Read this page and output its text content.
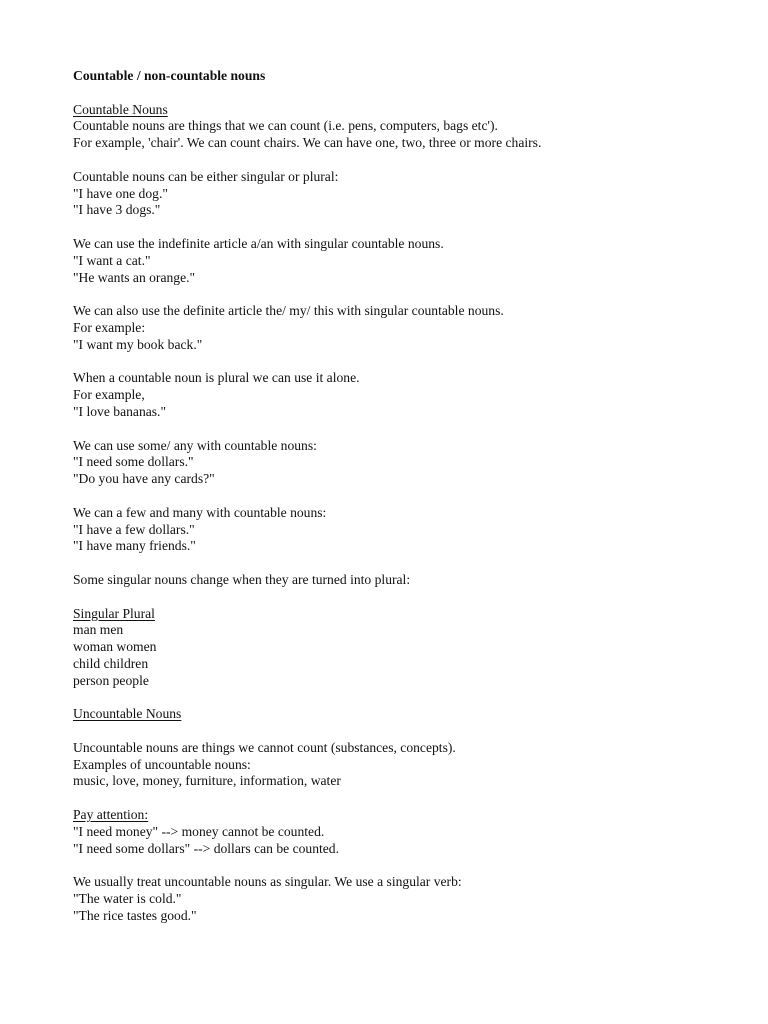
Countable / non-countable nouns
Countable Nouns
Countable nouns are things that we can count (i.e. pens, computers, bags etc').
For example, 'chair'. We can count chairs. We can have one, two, three or more chairs.
Countable nouns can be either singular or plural:
"I have one dog."
"I have 3 dogs."
We can use the indefinite article a/an with singular countable nouns.
"I want a cat."
"He wants an orange."
We can also use the definite article the/ my/ this with singular countable nouns.
For example:
"I want my book back."
When a countable noun is plural we can use it alone.
For example,
"I love bananas."
We can use some/ any with countable nouns:
"I need some dollars."
"Do you have any cards?"
We can a few and many with countable nouns:
"I have a few dollars."
"I have many friends."
Some singular nouns change when they are turned into plural:
Singular Plural
man men
woman women
child children
person people
Uncountable Nouns
Uncountable nouns are things we cannot count (substances, concepts).
Examples of uncountable nouns:
music, love, money, furniture, information, water
Pay attention:
"I need money" --> money cannot be counted.
"I need some dollars" --> dollars can be counted.
We usually treat uncountable nouns as singular. We use a singular verb:
"The water is cold."
"The rice tastes good."
